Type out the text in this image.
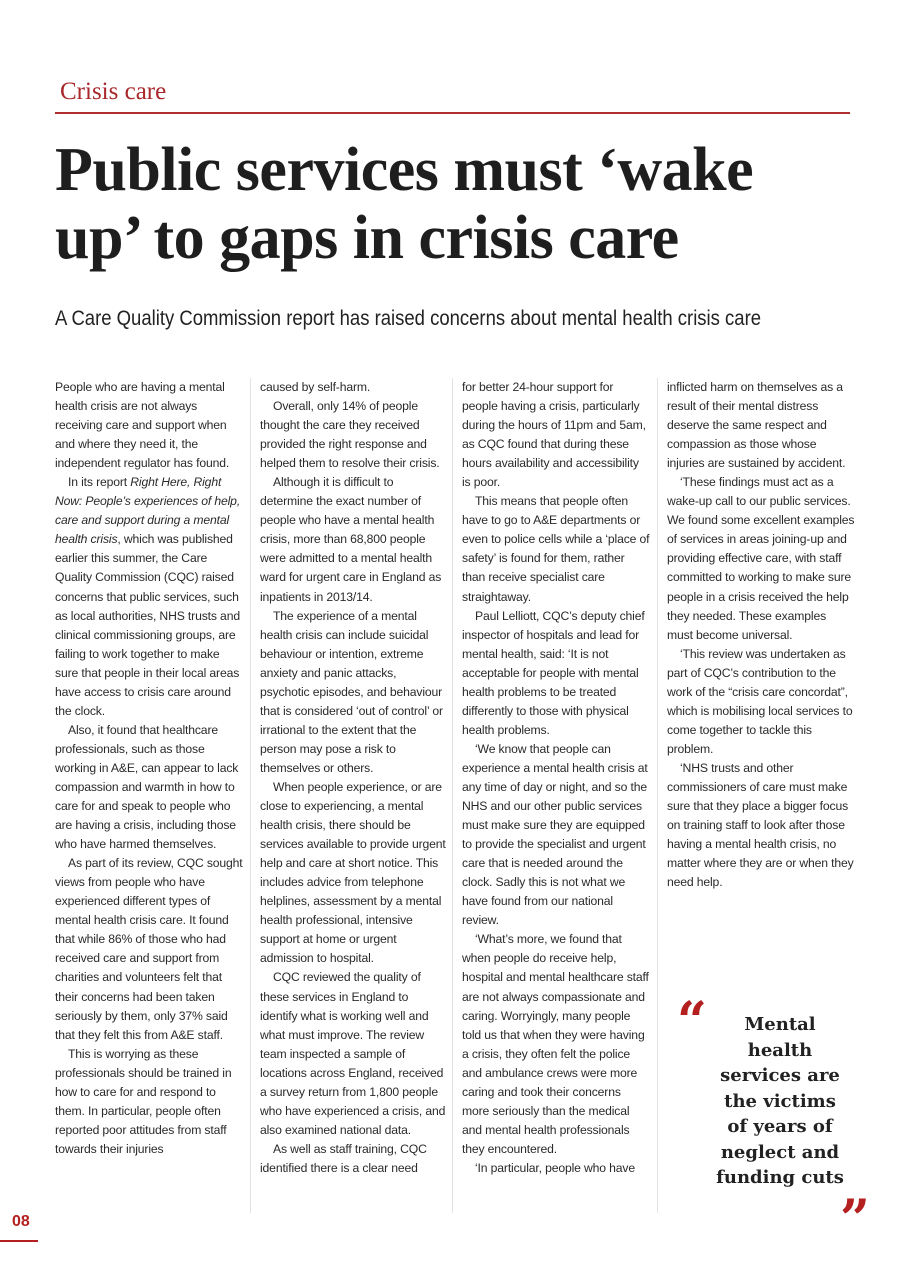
Crisis care
Public services must ‘wake up’ to gaps in crisis care
A Care Quality Commission report has raised concerns about mental health crisis care

People who are having a mental health crisis are not always receiving care and support when and where they need it, the independent regulator has found.

In its report Right Here, Right Now: People’s experiences of help, care and support during a mental health crisis, which was published earlier this summer, the Care Quality Commission (CQC) raised concerns that public services, such as local authorities, NHS trusts and clinical commissioning groups, are failing to work together to make sure that people in their local areas have access to crisis care around the clock.

Also, it found that healthcare professionals, such as those working in A&E, can appear to lack compassion and warmth in how to care for and speak to people who are having a crisis, including those who have harmed themselves.

As part of its review, CQC sought views from people who have experienced different types of mental health crisis care. It found that while 86% of those who had received care and support from charities and volunteers felt that their concerns had been taken seriously by them, only 37% said that they felt this from A&E staff.

This is worrying as these professionals should be trained in how to care for and respond to them. In particular, people often reported poor attitudes from staff towards their injuries

caused by self-harm.

Overall, only 14% of people thought the care they received provided the right response and helped them to resolve their crisis.

Although it is difficult to determine the exact number of people who have a mental health crisis, more than 68,800 people were admitted to a mental health ward for urgent care in England as inpatients in 2013/14.

The experience of a mental health crisis can include suicidal behaviour or intention, extreme anxiety and panic attacks, psychotic episodes, and behaviour that is considered ‘out of control’ or irrational to the extent that the person may pose a risk to themselves or others.

When people experience, or are close to experiencing, a mental health crisis, there should be services available to provide urgent help and care at short notice. This includes advice from telephone helplines, assessment by a mental health professional, intensive support at home or urgent admission to hospital.

CQC reviewed the quality of these services in England to identify what is working well and what must improve. The review team inspected a sample of locations across England, received a survey return from 1,800 people who have experienced a crisis, and also examined national data.

As well as staff training, CQC identified there is a clear need

for better 24-hour support for people having a crisis, particularly during the hours of 11pm and 5am, as CQC found that during these hours availability and accessibility is poor.

This means that people often have to go to A&E departments or even to police cells while a ‘place of safety’ is found for them, rather than receive specialist care straightaway.

Paul Lelliott, CQC’s deputy chief inspector of hospitals and lead for mental health, said: ‘It is not acceptable for people with mental health problems to be treated differently to those with physical health problems.

‘We know that people can experience a mental health crisis at any time of day or night, and so the NHS and our other public services must make sure they are equipped to provide the specialist and urgent care that is needed around the clock. Sadly this is not what we have found from our national review.

‘What’s more, we found that when people do receive help, hospital and mental healthcare staff are not always compassionate and caring. Worryingly, many people told us that when they were having a crisis, they often felt the police and ambulance crews were more caring and took their concerns more seriously than the medical and mental health professionals they encountered.

‘In particular, people who have

inflicted harm on themselves as a result of their mental distress deserve the same respect and compassion as those whose injuries are sustained by accident.

‘These findings must act as a wake-up call to our public services. We found some excellent examples of services in areas joining-up and providing effective care, with staff committed to working to make sure people in a crisis received the help they needed. These examples must become universal.

‘This review was undertaken as part of CQC’s contribution to the work of the “crisis care concordat”, which is mobilising local services to come together to tackle this problem.

‘NHS trusts and other commissioners of care must make sure that they place a bigger focus on training staff to look after those having a mental health crisis, no matter where they are or when they need help.

“	Mental health services are the victims of years of neglect and funding cuts
”
08
